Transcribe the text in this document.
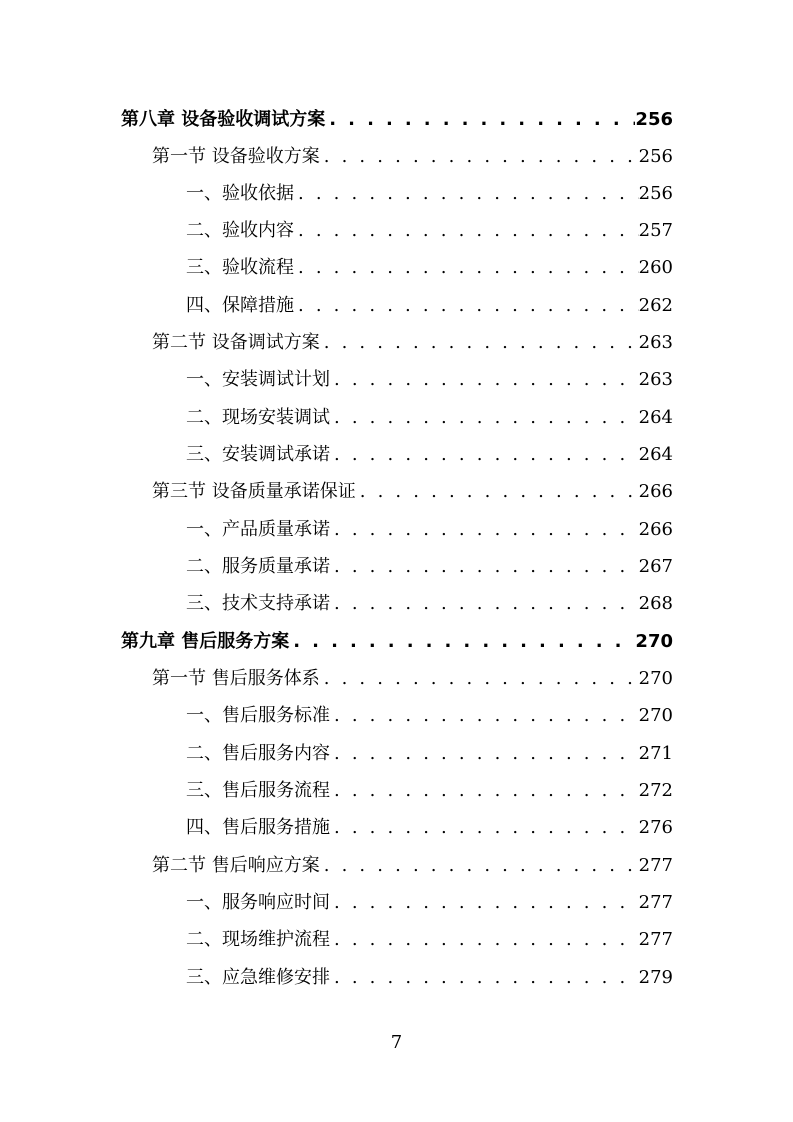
第八章 设备验收调试方案 . . .	256
第一节 设备验收方案 . . .	256
一、验收依据 . . .	256
二、验收内容 . . .	257
三、验收流程 . . .	260
四、保障措施 . . .	262
第二节 设备调试方案 . . .	263
一、安装调试计划 . . .	263
二、现场安装调试 . . .	264
三、安装调试承诺 . . .	264
第三节 设备质量承诺保证 . . .	266
一、产品质量承诺 . . .	266
二、服务质量承诺 . . .	267
三、技术支持承诺 . . .	268
第九章 售后服务方案 . . .	270
第一节 售后服务体系 . . .	270
一、售后服务标准 . . .	270
二、售后服务内容 . . .	271
三、售后服务流程 . . .	272
四、售后服务措施 . . .	276
第二节 售后响应方案 . . .	277
一、服务响应时间 . . .	277
二、现场维护流程 . . .	277
三、应急维修安排 . . .	279
7
